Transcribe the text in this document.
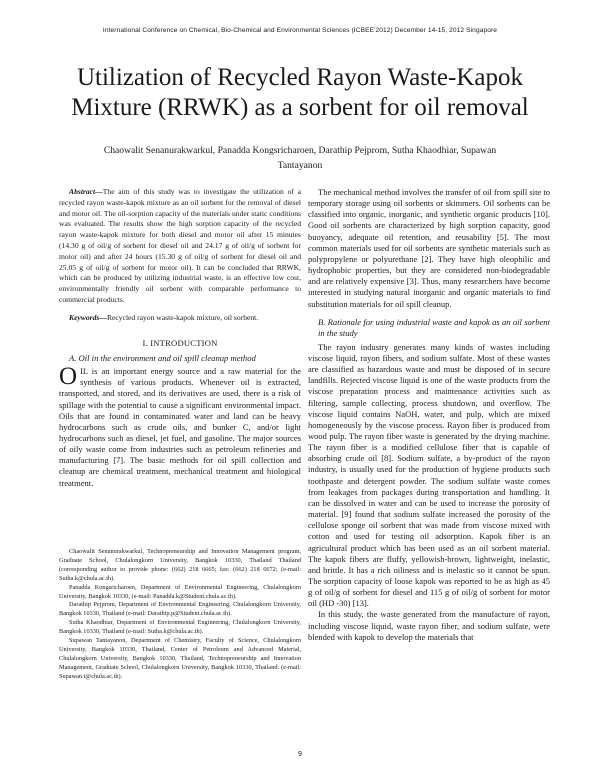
International Conference on Chemical, Bio-Chemical and Environmental Sciences (ICBEE'2012) December 14-15, 2012 Singapore
Utilization of Recycled Rayon Waste-Kapok Mixture (RRWK) as a sorbent for oil removal
Chaowalit Senanurakwarkul, Panadda Kongsricharoen, Darathip Pejprom, Sutha Khaodhiar, Supawan Tantayanon

Abstract—The aim of this study was to investigate the utilization of a recycled rayon waste-kapok mixture as an oil sorbent for the removal of diesel and motor oil. The oil-sorption capacity of the materials under static conditions was evaluated. The results show the high sorption capacity of the recycled rayon waste-kapok mixture for both diesel and motor oil after 15 minutes (14.30 g of oil/g of sorbent for diesel oil and 24.17 g of oil/g of sorbent for motor oil) and after 24 hours (15.30 g of oil/g of sorbent for diesel oil and 25.05 g of oil/g of sorbent for motor oil). It can be concluded that RRWK, which can be produced by utilizing industrial waste, is an effective low cost, environmentally friendly oil sorbent with comparable performance to commercial products.

Keywords—Recycled rayon waste-kapok mixture, oil sorbent.

I. INTRODUCTION
A. Oil in the environment and oil spill cleanup method

OIL is an important energy source and a raw material for the synthesis of various products. Whenever oil is extracted, transported, and stored, and its derivatives are used, there is a risk of spillage with the potential to cause a significant environmental impact. Oils that are found in contaminated water and land can be heavy hydrocarbons such as crude oils, and bunker C, and/or light hydrocarbons such as diesel, jet fuel, and gasoline. The major sources of oily waste come from industries such as petroleum refineries and manufacturing [7]. The basic methods for oil spill collection and cleanup are chemical treatment, mechanical treatment and biological treatment.

Chaowalit Senanurakwarkul, Technopreneurship and Innovation Management program, Graduate School, Chulalongkorn University, Bangkok 10330, Thailand Thailand (corresponding author to provide phone: (662) 218 6665; fax: (662) 218 6672; (e-mail: Sutha.k@chula.ac.th).

Panadda Kongsricharoen, Department of Environmental Engineering, Chulalongkorn University, Bangkok 10330, (e-mail: Panadda.k@Student.chula.ac.th).

Darathip Pejprom, Department of Environmental Engineering, Chulalongkorn University, Bangkok 10330, Thailand (e-mail: Darathip.p@Student.chula.ac.th).

Sutha Khaodhiar, Department of Environmental Engineering, Chulalongkorn University, Bangkok 10330, Thailand (e-mail: Sutha.k@chula.ac.th).

Supawan Tantayanon, Department of Chemistry, Faculty of Science, Chulalongkorn University, Bangkok 10330, Thailand, Center of Petroleum and Advanced Material, Chulalongkorn University, Bangkok 10330, Thailand, Technopreneurship and Innovation Management, Graduate School, Chulalongkorn University, Bangkok 10330, Thailand. (e-mail: Supawan.t@chula.ac.th).

The mechanical method involves the transfer of oil from spill site to temporary storage using oil sorbents or skimmers. Oil sorbents can be classified into organic, inorganic, and synthetic organic products [10]. Good oil sorbents are characterized by high sorption capacity, good buoyancy, adequate oil retention, and reusability [5]. The most common materials used for oil sorbents are synthetic materials such as polypropylene or polyurethane [2]. They have high oleophilic and hydrophobic properties, but they are considered non-biodegradable and are relatively expensive [3]. Thus, many researchers have become interested in studying natural inorganic and organic materials to find substitution materials for oil spill cleanup.

B. Rationale for using industrial waste and kapok as an oil sorbent in the study

The rayon industry generates many kinds of wastes including viscose liquid, rayon fibers, and sodium sulfate. Most of these wastes are classified as hazardous waste and must be disposed of in secure landfills. Rejected viscose liquid is one of the waste products from the viscose preparation process and maintenance activities such as filtering, sample collecting, process shutdown, and overflow. The viscose liquid contains NaOH, water, and pulp, which are mixed homogeneously by the viscose process. Rayon fiber is produced from wood pulp. The rayon fiber waste is generated by the drying machine. The rayon fiber is a modified cellulose fiber that is capable of absorbing crude oil [8]. Sodium sulfate, a by-product of the rayon industry, is usually used for the production of hygiene products such toothpaste and detergent powder. The sodium sulfate waste comes from leakages from packages during transportation and handling. It can be dissolved in water and can be used to increase the porosity of material. [9] found that sodium sulfate increased the porosity of the cellulose sponge oil sorbent that was made from viscose mixed with cotton and used for testing oil adsorption. Kapok fiber is an agricultural product which has been used as an oil sorbent material. The kapok fibers are fluffy, yellowish-brown, lightweight, inelastic, and brittle. It has a rich oiliness and is inelastic so it cannot be spun. The sorption capacity of loose kapok was reported to be as high as 45 g of oil/g of sorbent for diesel and 115 g of oil/g of sorbent for motor oil (HD -30) [13].

In this study, the waste generated from the manufacture of rayon, including viscose liquid, waste rayon fiber, and sodium sulfate, were blended with kapok to develop the materials that

9
